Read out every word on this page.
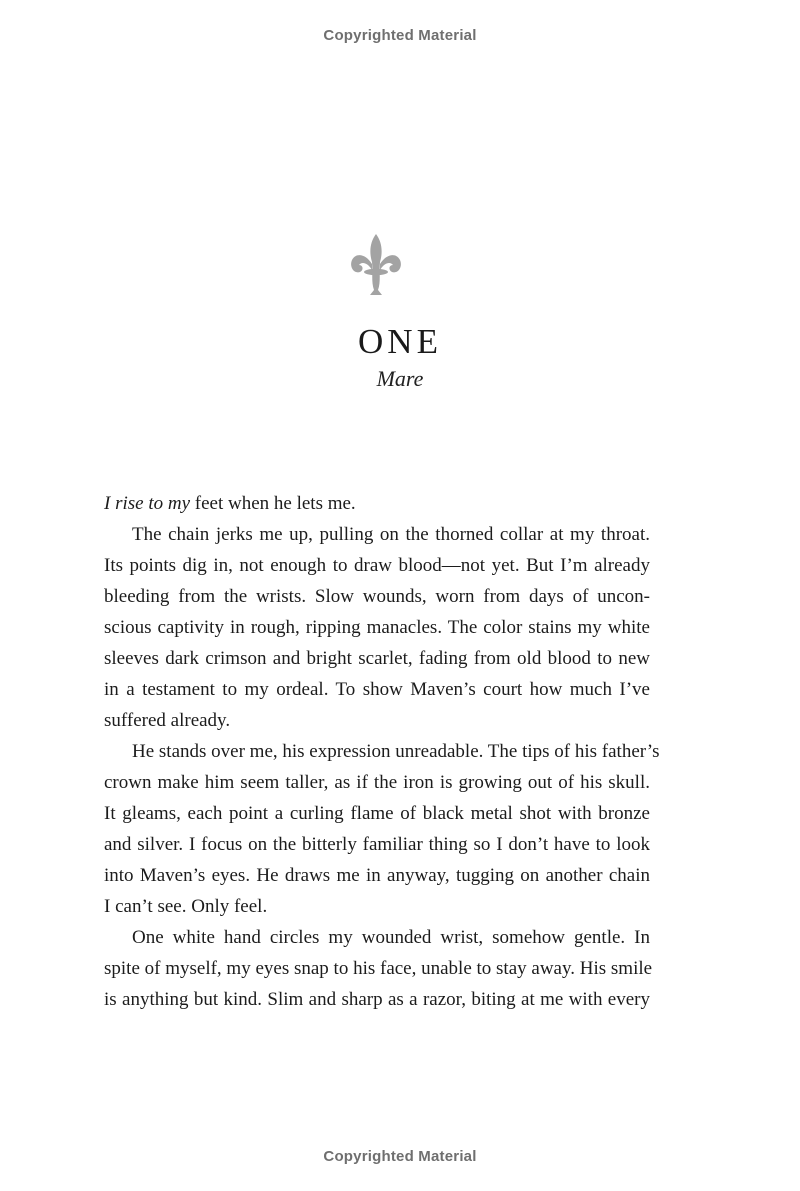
Copyrighted Material
ONE
Mare
I rise to my feet when he lets me.
The chain jerks me up, pulling on the thorned collar at my throat.
Its points dig in, not enough to draw blood—not yet. But I’m already
bleeding from the wrists. Slow wounds, worn from days of uncon-
scious captivity in rough, ripping manacles. The color stains my white
sleeves dark crimson and bright scarlet, fading from old blood to new
in a testament to my ordeal. To show Maven’s court how much I’ve
suffered already.
He stands over me, his expression unreadable. The tips of his father’s
crown make him seem taller, as if the iron is growing out of his skull.
It gleams, each point a curling flame of black metal shot with bronze
and silver. I focus on the bitterly familiar thing so I don’t have to look
into Maven’s eyes. He draws me in anyway, tugging on another chain
I can’t see. Only feel.
One white hand circles my wounded wrist, somehow gentle. In
spite of myself, my eyes snap to his face, unable to stay away. His smile
is anything but kind. Slim and sharp as a razor, biting at me with every
Copyrighted Material
